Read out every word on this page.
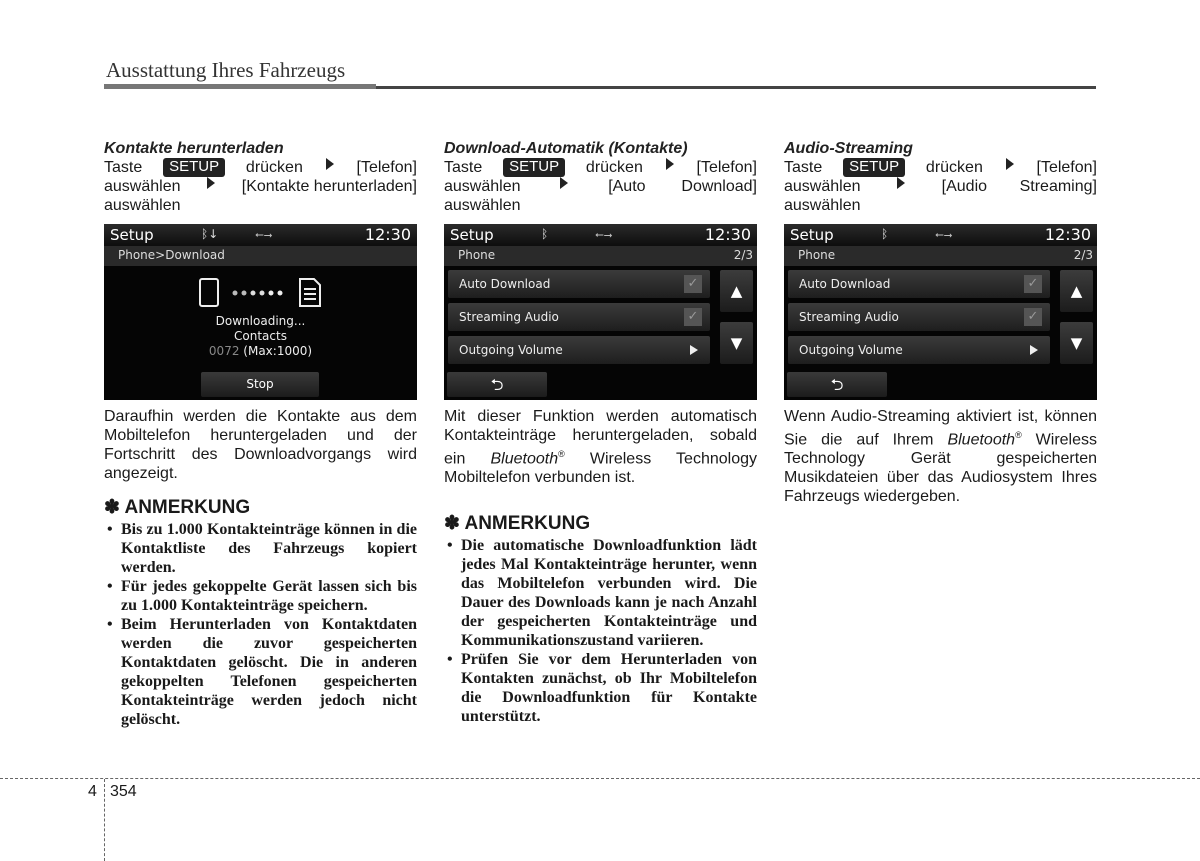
Ausstattung Ihres Fahrzeugs
Kontakte herunterladen
Taste	SETUP	drücken	[Telefon]
auswählen	[Kontakte herunterladen]
auswählen
Setup	ᛒ↓	⭠⭢	12:30
Phone>Download
Downloading...
Contacts
0072 (Max:1000)
Stop
Daraufhin werden die Kontakte aus dem Mobiltelefon heruntergeladen und der Fortschritt des Downloadvorgangs wird angezeigt.
✽ ANMERKUNG
• Bis zu 1.000 Kontakteinträge können in die Kontaktliste des Fahrzeugs kopiert werden.
• Für jedes gekoppelte Gerät lassen sich bis zu 1.000 Kontakteinträge speichern.
• Beim Herunterladen von Kontaktdaten werden die zuvor gespeicherten Kontaktdaten gelöscht. Die in anderen gekoppelten Telefonen gespeicherten Kontakteinträge werden jedoch nicht gelöscht.
Download-Automatik (Kontakte)
Taste	SETUP	drücken	[Telefon]
auswählen	[Auto Download]
auswählen
Setup	ᛒ	⭠⭢	12:30
Phone	2/3
Auto Download	✓
Streaming Audio	✓
Outgoing Volume
▲
▼
⮌
Mit dieser Funktion werden automatisch Kontakteinträge heruntergeladen, sobald ein Bluetooth® Wireless Technology Mobiltelefon verbunden ist.
✽ ANMERKUNG
• Die automatische Downloadfunktion lädt jedes Mal Kontakteinträge herunter, wenn das Mobiltelefon verbunden wird. Die Dauer des Downloads kann je nach Anzahl der gespeicherten Kontakteinträge und Kommunikationszustand variieren.
• Prüfen Sie vor dem Herunterladen von Kontakten zunächst, ob Ihr Mobiltelefon die Downloadfunktion für Kontakte unterstützt.
Audio-Streaming
Taste	SETUP	drücken	[Telefon]
auswählen	[Audio Streaming]
auswählen
Setup	ᛒ	⭠⭢	12:30
Phone	2/3
Auto Download	✓
Streaming Audio	✓
Outgoing Volume
▲
▼
⮌
Wenn Audio-Streaming aktiviert ist, können Sie die auf Ihrem Bluetooth® Wireless Technology Gerät gespeicherten Musikdateien über das Audiosystem Ihres Fahrzeugs wiedergeben.
4 354
